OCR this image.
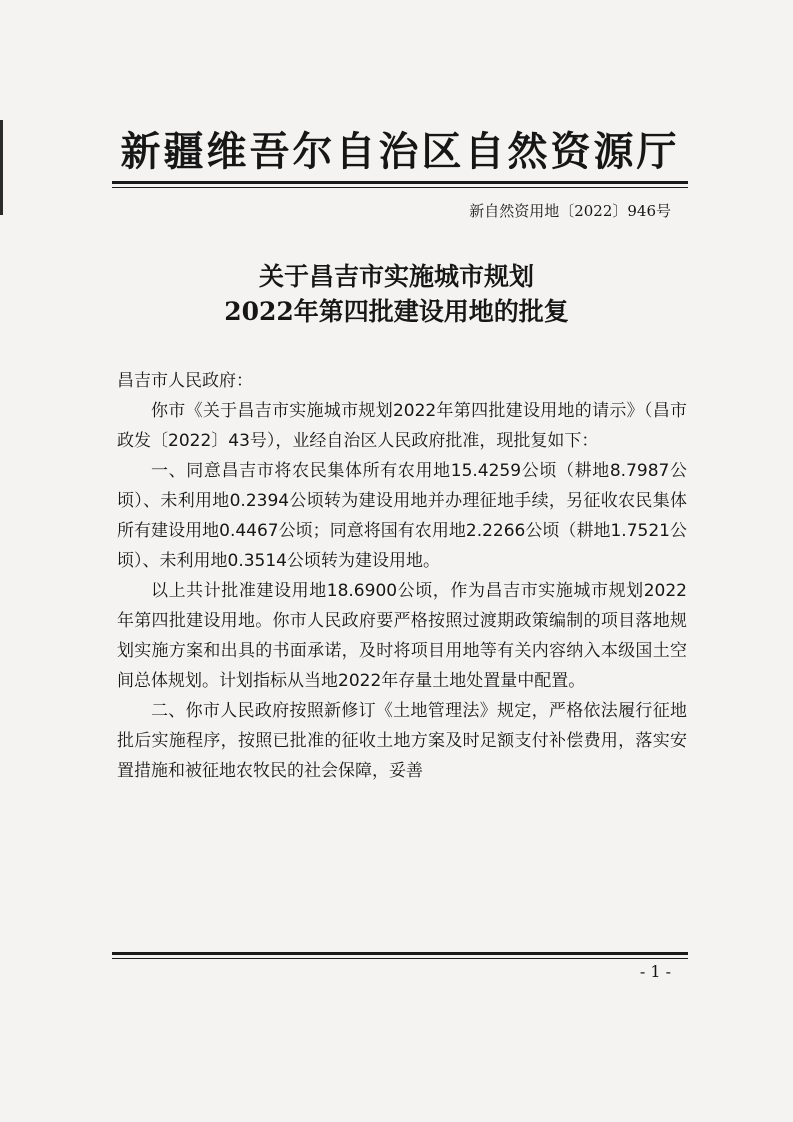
新疆维吾尔自治区自然资源厅
新自然资用地〔2022〕946号
关于昌吉市实施城市规划
2022年第四批建设用地的批复

昌吉市人民政府：

你市《关于昌吉市实施城市规划2022年第四批建设用地的请示》（昌市政发〔2022〕43号），业经自治区人民政府批准，现批复如下：

一、同意昌吉市将农民集体所有农用地15.4259公顷（耕地8.7987公顷）、未利用地0.2394公顷转为建设用地并办理征地手续，另征收农民集体所有建设用地0.4467公顷；同意将国有农用地2.2266公顷（耕地1.7521公顷）、未利用地0.3514公顷转为建设用地。

以上共计批准建设用地18.6900公顷，作为昌吉市实施城市规划2022年第四批建设用地。你市人民政府要严格按照过渡期政策编制的项目落地规划实施方案和出具的书面承诺，及时将项目用地等有关内容纳入本级国土空间总体规划。计划指标从当地2022年存量土地处置量中配置。

二、你市人民政府按照新修订《土地管理法》规定，严格依法履行征地批后实施程序，按照已批准的征收土地方案及时足额支付补偿费用，落实安置措施和被征地农牧民的社会保障，妥善

- 1 -
